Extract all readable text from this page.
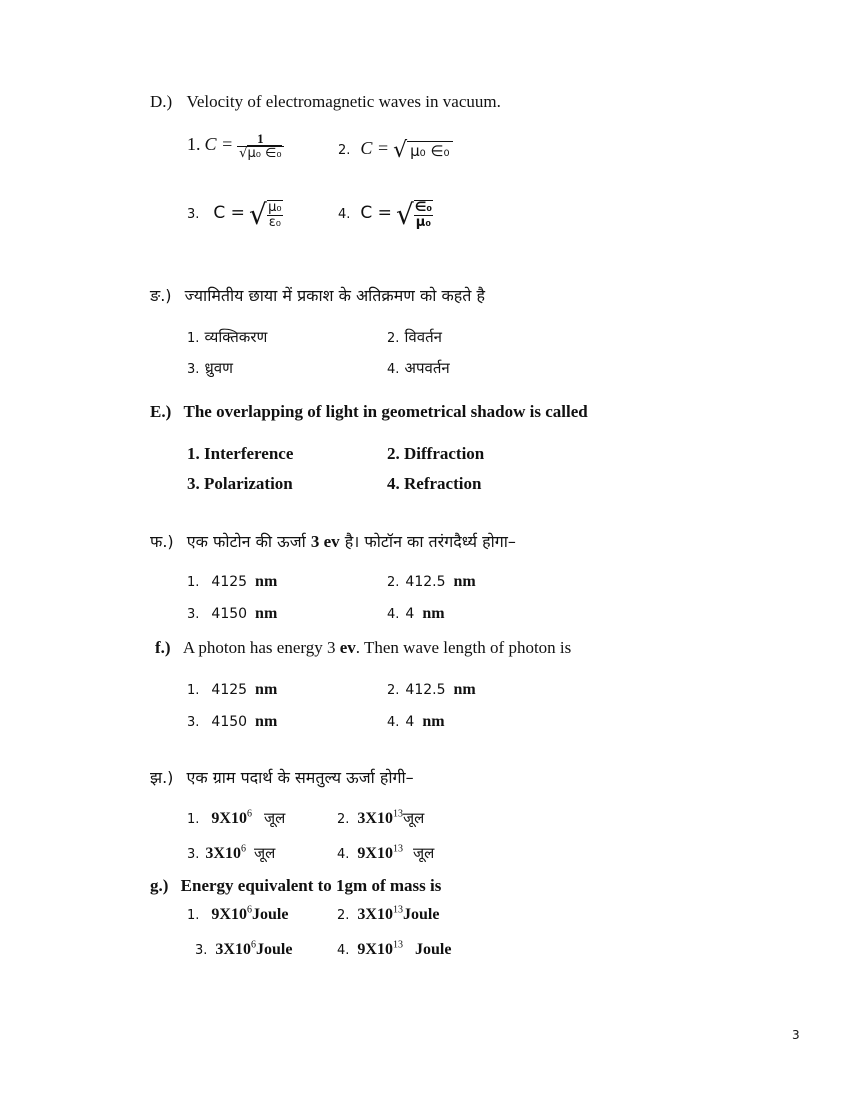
D.) Velocity of electromagnetic waves in vacuum.
1. $C = \frac{1}{\text{√μ₀ ∈₀}}$	2. C = √ μ₀ ∈₀
3. C = √ $\frac{\text{μ₀}}{\text{ε₀}}$	4. C = √ $\frac{\text{∈₀}}{\text{μ₀}}$
ङ.) ज्यामितीय छाया में प्रकाश के अतिक्रमण को कहते है
1. व्यक्तिकरण	2. विवर्तन
3. ध्रुवण	4. अपवर्तन
E.) The overlapping of light in geometrical shadow is called
1. Interference	2. Diffraction
3. Polarization	4. Refraction
फ.) एक फोटोन की ऊर्जा 3 ev है। फोटॉन का तरंगदैर्ध्य होगा–
1. 4125 nm	2. 412.5 nm
3. 4150 nm	4. 4 nm
f.) A photon has energy 3 ev. Then wave length of photon is
1. 4125 nm	2. 412.5 nm
3. 4150 nm	4. 4 nm
झ.) एक ग्राम पदार्थ के समतुल्य ऊर्जा होगी–
1. $9X10^6$ जूल	2. $3X10^{13}जूल$
3. $3X10^6$ जूल	4. $9X10^{13}$ जूल
g.) Energy equivalent to 1gm of mass is
1. $9X10^6Joule$	2. $3X10^{13}Joule$
3. $3X10^6Joule$	4. $9X10^{13}$ Joule
3
